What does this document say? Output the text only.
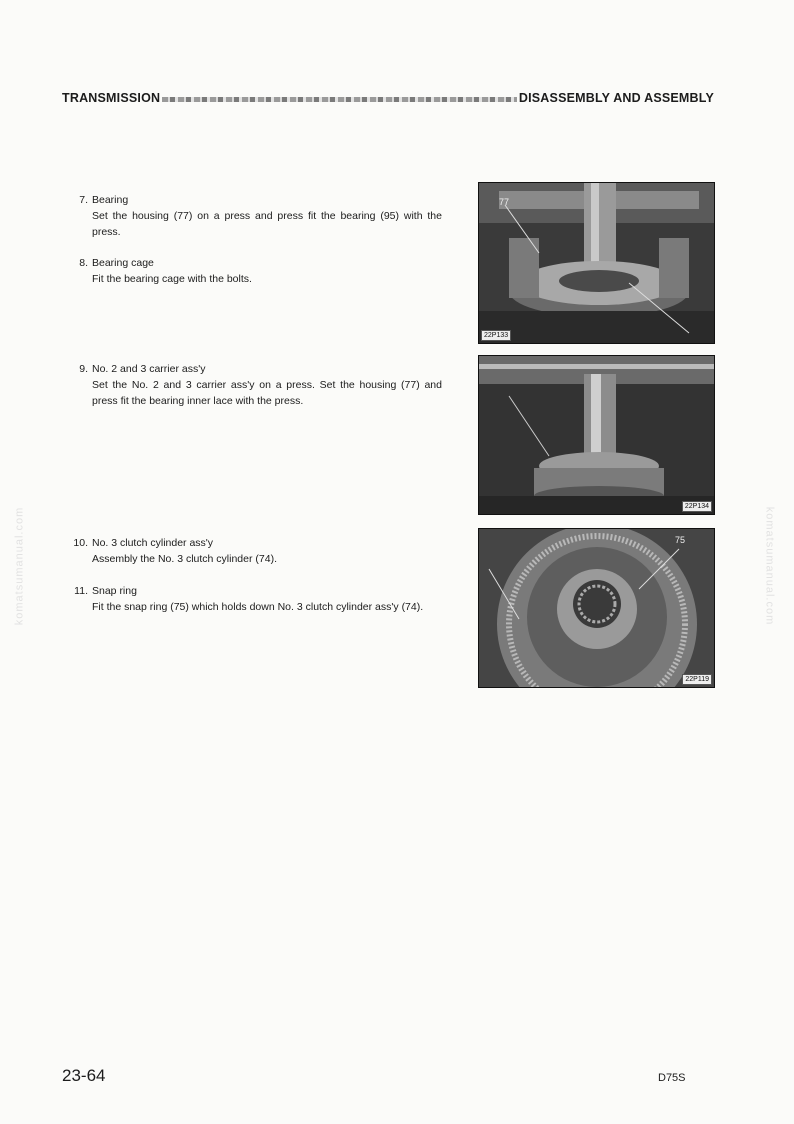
TRANSMISSION	DISASSEMBLY AND ASSEMBLY
7. Bearing
Set the housing (77) on a press and press fit the bearing (95) with the press.
8. Bearing cage
Fit the bearing cage with the bolts.
9. No. 2 and 3 carrier ass'y
Set the No. 2 and 3 carrier ass'y on a press. Set the housing (77) and press fit the bearing inner lace with the press.
10. No. 3 clutch cylinder ass'y
Assembly the No. 3 clutch cylinder (74).
11. Snap ring
Fit the snap ring (75) which holds down No. 3 clutch cylinder ass'y (74).
77
22P133
22P134
75
22P119
komatsumanual.com	komatsumanual.com
23-64	D75S
